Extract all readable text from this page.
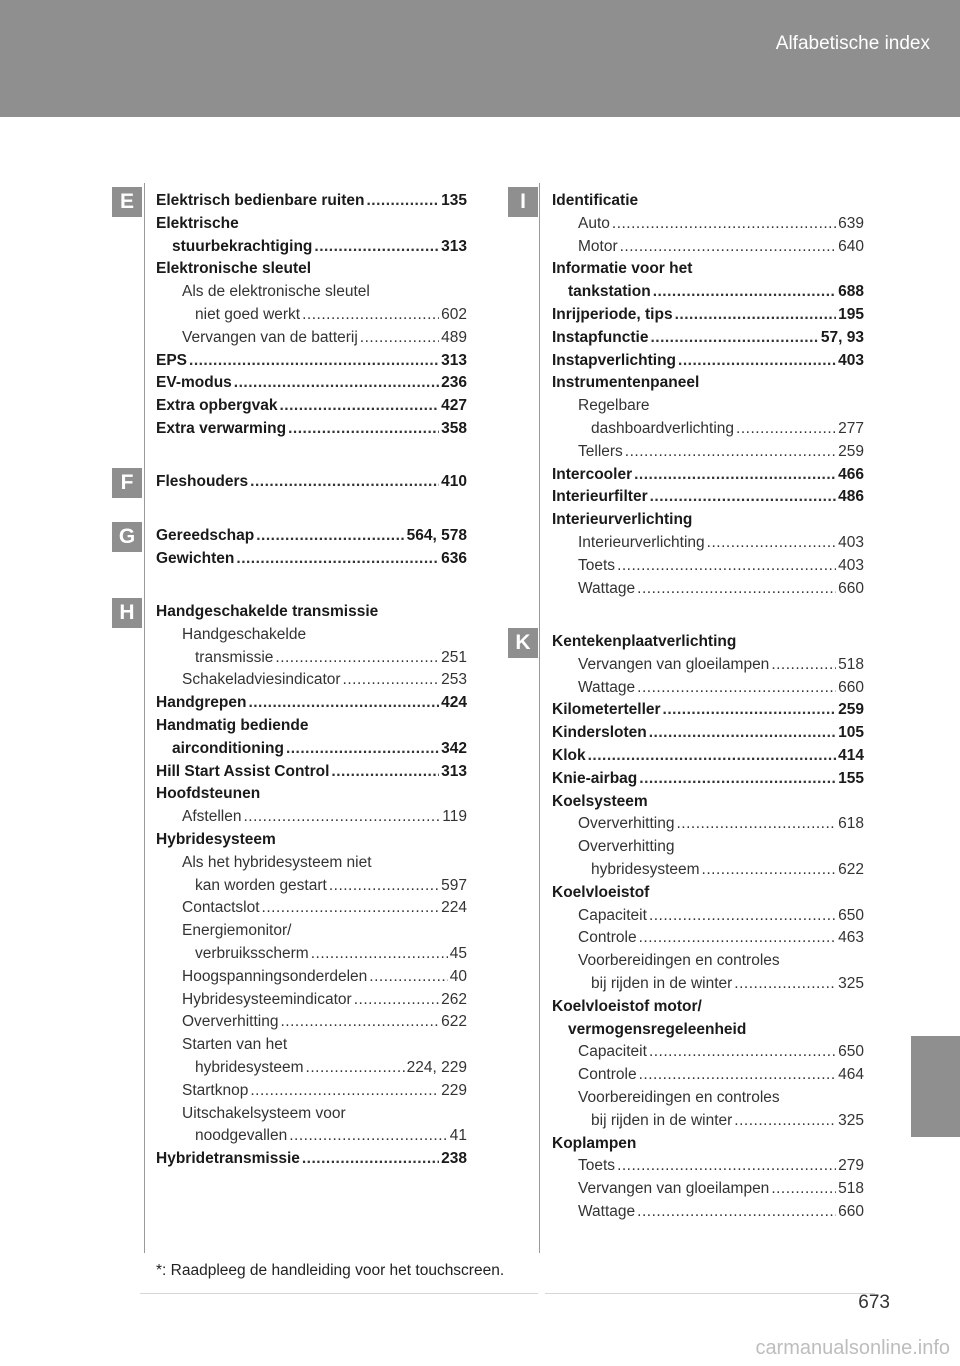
Alfabetische index
E	Elektrisch bedienbare ruiten .....	135
Elektrische
stuurbekrachtiging .....	313
Elektronische sleutel
Als de elektronische sleutel
niet goed werkt .....	602
Vervangen van de batterij .....	489
EPS .....	313
EV-modus .....	236
Extra opbergvak .....	427
Extra verwarming .....	358
F	Fleshouders .....	410
G	Gereedschap .....	564, 578
Gewichten .....	636
H	Handgeschakelde transmissie
Handgeschakelde
transmissie .....	251
Schakeladviesindicator .....	253
Handgrepen .....	424
Handmatig bediende
airconditioning .....	342
Hill Start Assist Control .....	313
Hoofdsteunen
Afstellen .....	119
Hybridesysteem
Als het hybridesysteem niet
kan worden gestart .....	597
Contactslot .....	224
Energiemonitor/
verbruiksscherm .....	45
Hoogspanningsonderdelen .....	40
Hybridesysteemindicator .....	262
Oververhitting .....	622
Starten van het
hybridesysteem .....	224, 229
Startknop .....	229
Uitschakelsysteem voor
noodgevallen .....	41
Hybridetransmissie .....	238
I	Identificatie
Auto .....	639
Motor .....	640
Informatie voor het
tankstation .....	688
Inrijperiode, tips .....	195
Instapfunctie .....	57, 93
Instapverlichting .....	403
Instrumentenpaneel
Regelbare
dashboardverlichting .....	277
Tellers .....	259
Intercooler .....	466
Interieurfilter .....	486
Interieurverlichting
Interieurverlichting .....	403
Toets .....	403
Wattage .....	660
K	Kentekenplaatverlichting
Vervangen van gloeilampen .....	518
Wattage .....	660
Kilometerteller .....	259
Kindersloten .....	105
Klok .....	414
Knie-airbag .....	155
Koelsysteem
Oververhitting .....	618
Oververhitting
hybridesysteem .....	622
Koelvloeistof
Capaciteit .....	650
Controle .....	463
Voorbereidingen en controles
bij rijden in de winter .....	325
Koelvloeistof motor/
vermogensregeleenheid
Capaciteit .....	650
Controle .....	464
Voorbereidingen en controles
bij rijden in de winter .....	325
Koplampen
Toets .....	279
Vervangen van gloeilampen .....	518
Wattage .....	660
*: Raadpleeg de handleiding voor het touchscreen.
673
carmanualsonline.info
